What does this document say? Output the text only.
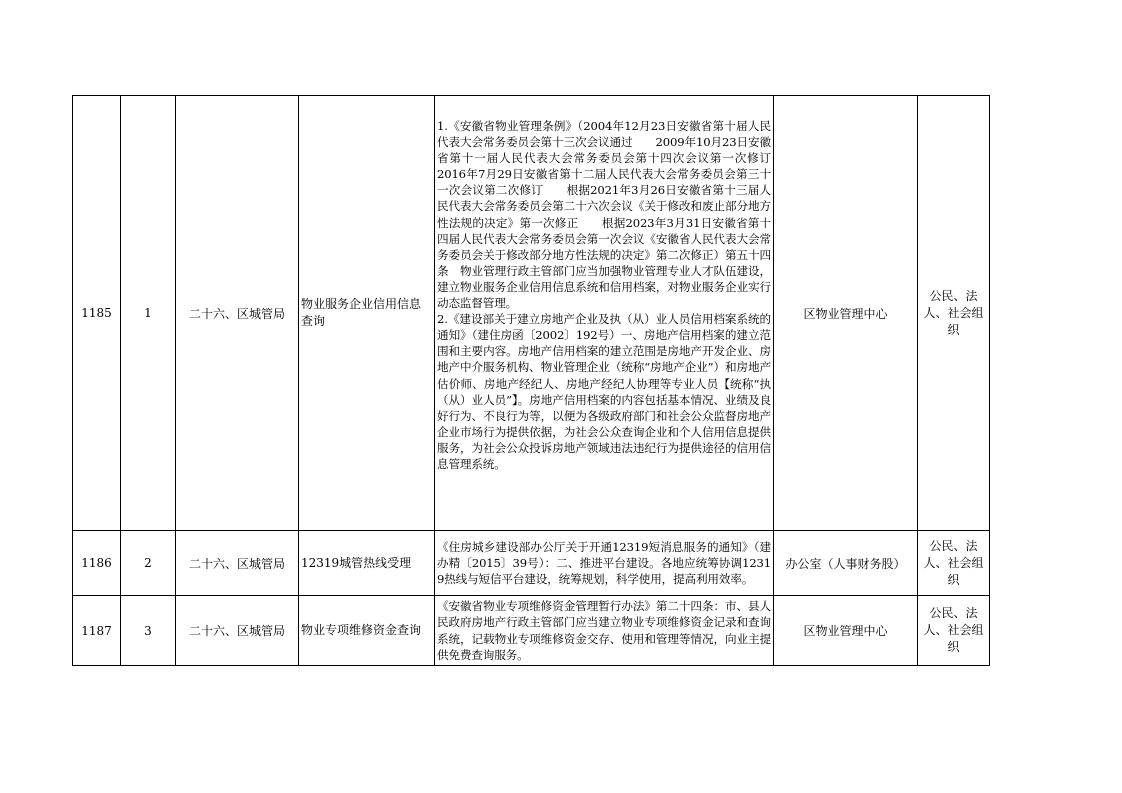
1185	1	二十六、区城管局	物业服务企业信用信息查询	1.《安徽省物业管理条例》（2004年12月23日安徽省第十届人民代表大会常务委员会第十三次会议通过　　2009年10月23日安徽省第十一届人民代表大会常务委员会第十四次会议第一次修订　　2016年7月29日安徽省第十二届人民代表大会常务委员会第三十一次会议第二次修订　　根据2021年3月26日安徽省第十三届人民代表大会常务委员会第二十六次会议《关于修改和废止部分地方性法规的决定》第一次修正　　根据2023年3月31日安徽省第十四届人民代表大会常务委员会第一次会议《安徽省人民代表大会常务委员会关于修改部分地方性法规的决定》第二次修正）第五十四条　物业管理行政主管部门应当加强物业管理专业人才队伍建设，建立物业服务企业信用信息系统和信用档案，对物业服务企业实行动态监督管理。

2.《建设部关于建立房地产企业及执（从）业人员信用档案系统的通知》（建住房函〔2002〕192号）一、房地产信用档案的建立范围和主要内容。房地产信用档案的建立范围是房地产开发企业、房地产中介服务机构、物业管理企业（统称“房地产企业”）和房地产估价师、房地产经纪人、房地产经纪人协理等专业人员【统称“执（从）业人员”】。房地产信用档案的内容包括基本情况、业绩及良好行为、不良行为等，以便为各级政府部门和社会公众监督房地产企业市场行为提供依据，为社会公众查询企业和个人信用信息提供服务，为社会公众投诉房地产领域违法违纪行为提供途径的信用信息管理系统。	区物业管理中心	公民、法人、社会组织
1186	2	二十六、区城管局	12319城管热线受理	《住房城乡建设部办公厅关于开通12319短消息服务的通知》（建办精〔2015〕39号）：二、推进平台建设。各地应统筹协调12319热线与短信平台建设，统筹规划，科学使用，提高利用效率。	办公室（人事财务股）	公民、法人、社会组织
1187	3	二十六、区城管局	物业专项维修资金查询	《安徽省物业专项维修资金管理暂行办法》第二十四条：市、县人民政府房地产行政主管部门应当建立物业专项维修资金记录和查询系统，记载物业专项维修资金交存、使用和管理等情况，向业主提供免费查询服务。	区物业管理中心	公民、法人、社会组织
